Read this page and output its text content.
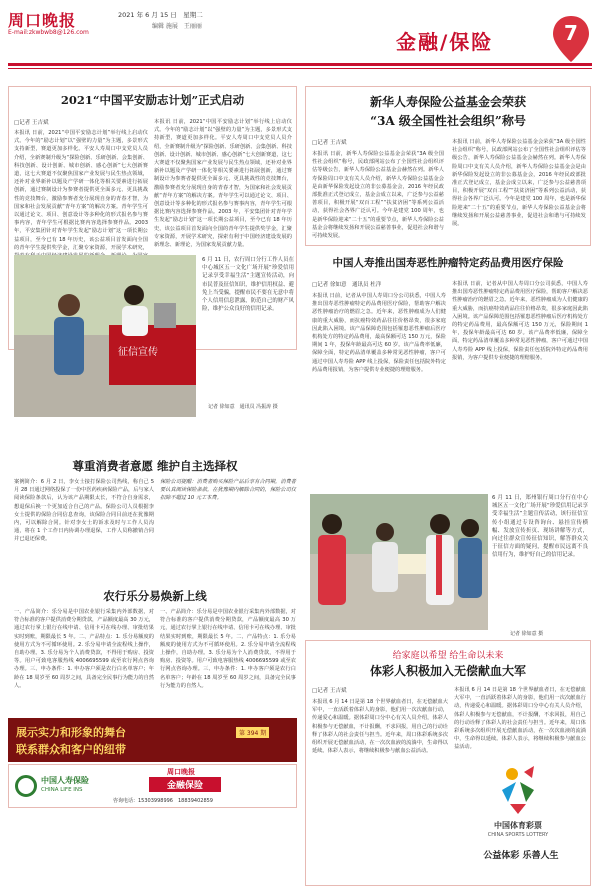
周口晚报
E-mail:zkwbwb8@126.com
2021 年 6 月 15 日　星期二
编辑 施展　王丽丽
金融/保险	7
2021“中国平安励志计划”正式启动
□记者 王吉斌
本报讯 日前，2021“中国平安励志计划”举行线上启动仪式。今年的“励志计划”以“强壁的力量”为主题，多景形式支持新型，赛道更加多样化。平安人寿周口中支党员人员介绍，全新赛制升级为“探险创新、乐研创新、会集创新、科技创新、设计创新、城市创新、感心创新”七大创新赛道，这七大赛道不仅聚焦国家产业发展与民生热点领域，还补对业界新补以题及产学研一体化等相关要素进行拓展创新，通过赛制设计为参赛者提供更全面多元、更具挑战性的竞技舞台，激励参赛者充分展现自身的青春才智，为国家和社会发展贡献“青年方案”的解决方案。青年学生可以通过论文、项目、创意设计等多种化的形式报名参与赛事内容，青年学生可根据比赛内容选择参赛作品。2003 年，平安集团针对青年学生发起“励志计划”这一项长期公益项目，至今已有 18 年历史，该公益项目首发面向全国的青年学生提供奖学金，汇聚专家资源，开展学术研究，
本报讯 日前，2021“中国平安励志计划”举行线上启动仪式。今年的“励志计划”以“强壁的力量”为主题，多景形式支持新型，赛道更加多样化。平安人寿周口中支党员人员介绍，全新赛制升级为“探险创新、乐研创新、会集创新、科技创新、设计创新、城市创新、感心创新”七大创新赛道，这七大赛道不仅聚焦国家产业发展与民生热点领域，还补对业界新补以题及产学研一体化等相关要素进行拓展创新，通过赛制设计为参赛者提供更全面多元、更具挑战性的竞技舞台，激励参赛者充分展现自身的青春才智，为国家和社会发展贡献“青年方案”的解决方案。青年学生可以通过论文、项目、创意设计等多种化的形式报名参与赛事内容，青年学生可根据比赛内容选择参赛作品。2003 年，平安集团针对青年学生发起“励志计划”这一项长期公益项目，至今已有 18 年历史，该公益项目首发面向全国的青年学生提供奖学金，汇聚专家资源，开展学术研究，探索有利于中国经济建设发展的新理念、新理论，为国家发展贡献力量。
征信宣传
6 月 11 日，农行周口分行工作人员在中心城区五一文化广场开展“珍爱信用记录享受幸福生活”主题宣传活动，向市民普及征信知识，维护信用权益、避免上当受骗，提醒市民不要在无意中将个人信用信息泄露，防范自己的财产风险，维护公众良好的信用记录。
记者 徐如意　通讯员 冯振涛 摄
尊重消费者意愿 维护自主选择权
案例简介：6 月 2 日，李女士接打保险公司热线，称自己 5 月 28 日通过网络投保了一份中医药疾病保险产品，后与家人阅读保险条款后，认为该产品期限太长，不符合自身需求，想退保后换一个更加适合自己的产品。保险公司人员根据李女士提供的保险合同信息查询，该保险合同目前还在犹豫期内，可以解除合同。针对李女士的诉求及时与工作人员沟通，将在 1 个工作日内协调办理退保，工作人员称撤销合同并已退还保费。
保险公司提醒：消费者购买保险产品后享有合同期，消费者要认真阅读保险条款，在犹豫期内解除合同的，保险公司仅扣除不超过 10 元工本费。
农行乐分易焕新上线
一、产品简介：乐分易是中国农业银行采集内外部数据，对符合标准的客户提供消费分期贷款，产品额度最高 30 万元，通过农行掌上银行在线申请、信用卡可在线办理、审批结果实时到账，期限最长 5 年。二、产品特点：1. 乐分易额度的使用方式为不可循环使用。2. 乐分易申请全流程线上操作，自助办理。3. 乐分易为个人消费贷款，不得用于购房、投资等。用户可致电客服热线 4006695599 或至农行网点咨询办理。三、申办条件：1. 申办客户须是农行白名单客户；年龄在 18 周岁至 60 周岁之间，具备完全民事行为能力的自然人。
一、产品简介：乐分易是中国农业银行采集内外部数据，对符合标准的客户提供消费分期贷款，产品额度最高 30 万元，通过农行掌上银行在线申请、信用卡可在线办理、审批结果实时到账，期限最长 5 年。二、产品特点：1. 乐分易额度的使用方式为不可循环使用。2. 乐分易申请全流程线上操作，自助办理。3. 乐分易为个人消费贷款，不得用于购房、投资等。用户可致电客服热线 4006695599 或至农行网点咨询办理。三、申办条件：1. 申办客户须是农行白名单客户；年龄在 18 周岁至 60 周岁之间，具备完全民事行为能力的自然人。
展示实力和形象的舞台
联系群众和客户的纽带
第 394 期
中国人寿保险
CHINA LIFE INS
周口晚报
金融保险
咨询电话：15303998996　18839402859
新华人寿保险公益基金会荣获
“3A 级全国性社会组织”称号
□记者 王吉斌
本报讯 日前，新华人寿保险公益基金会荣获“3A 级全国性社会组织”称号，民政部网站公布了全国性社会组织评估等级公告，新华人寿保险公益基金会赫然在列。新华人寿保险周口中支有关人员介绍，新华人寿保险公益基金会是由新华保险发起设立的非公募基金会，2016 年经民政部批准正式登记成立，基金会成立以来，广泛参与公益慈善项目，积极开展“双百工程”“扶贫济困”等系列公益活动，获得社会各界广泛认可。今年是建党 100 周年，也是新华保险迎来“二十五”的重要节点，新华人寿保险公益基金会将继续发扬和开展公益慈善事业，促进社会和谐与可持续发展。
本报讯 日前，新华人寿保险公益基金会荣获“3A 级全国性社会组织”称号，民政部网站公布了全国性社会组织评估等级公告，新华人寿保险公益基金会赫然在列。新华人寿保险周口中支有关人员介绍，新华人寿保险公益基金会是由新华保险发起设立的非公募基金会，2016 年经民政部批准正式登记成立，基金会成立以来，广泛参与公益慈善项目，积极开展“双百工程”“扶贫济困”等系列公益活动，获得社会各界广泛认可。今年是建党 100 周年，也是新华保险迎来“二十五”的重要节点，新华人寿保险公益基金会将继续发扬和开展公益慈善事业，促进社会和谐与可持续发展。
中国人寿推出国寿恶性肿瘤特定药品费用医疗保险
□记者 徐如意　通讯员 杜洋
本报讯 日前，记者从中国人寿周口分公司获悉，中国人寿推出国寿恶性肿瘤特定药品费用医疗保险，帮助客户解决恶性肿瘤治疗的燃眉之急。近年来，恶性肿瘤成为人们健康的重大威胁，而抗癌特效药品往往价格昂贵，很多家庭因此陷入困境。该产品保障范围包括罹患恶性肿瘤后医疗机构处方的特定药品费用，最高保额可达 150 万元，保险期间 1 年，投保年龄最高可达 60 岁。该产品费率低廉，保障全面，特定药品清单覆盖多种常见恶性肿瘤，客户可通过中国人寿寿险 APP 线上投保，保险责任包括院外特定药品费用报销，为客户提供专业便捷的理赔服务。
本报讯 日前，记者从中国人寿周口分公司获悉，中国人寿推出国寿恶性肿瘤特定药品费用医疗保险，帮助客户解决恶性肿瘤治疗的燃眉之急。近年来，恶性肿瘤成为人们健康的重大威胁，而抗癌特效药品往往价格昂贵，很多家庭因此陷入困境。该产品保障范围包括罹患恶性肿瘤后医疗机构处方的特定药品费用，最高保额可达 150 万元，保险期间 1 年，投保年龄最高可达 60 岁。该产品费率低廉，保障全面，特定药品清单覆盖多种常见恶性肿瘤，客户可通过中国人寿寿险 APP 线上投保，保险责任包括院外特定药品费用报销，为客户提供专业便捷的理赔服务。
6 月 11 日，郑州银行周口分行在中心城区五一文化广场开展“珍爱信用记录享受幸福生活”主题宣传活动，该行征信宣传小组通过专设咨询台、悬挂宣传横幅、发放宣传折页、现场讲解等方式，向过往群众宣传征信知识，解答群众关于征信方面的疑问，提醒市民远离不良信用行为，维护好自己的信用记录。
记者 徐如意 摄
给家庭以希望 给生命以未来
体彩人积极加入无偿献血大军
□记者 王吉斌
本报讯 6 月 14 日是第 18 个世界献血者日，在无偿献血大军中，一直活跃着体彩人的身影，他们用一次次献血行动，传递爱心和温暖。据体彩周口分中心有关人员介绍，体彩人积极参与无偿献血，不计报酬，不求回报，用自己的行动诠释了体彩人的社会责任与担当。近年来，周口体彩系统多次组织开展无偿献血活动，在一次次血液的流淌中，生命得以延续。体彩人表示，将继续积极参与献血公益活动。
本报讯 6 月 14 日是第 18 个世界献血者日，在无偿献血大军中，一直活跃着体彩人的身影，他们用一次次献血行动，传递爱心和温暖。据体彩周口分中心有关人员介绍，体彩人积极参与无偿献血，不计报酬，不求回报，用自己的行动诠释了体彩人的社会责任与担当。近年来，周口体彩系统多次组织开展无偿献血活动，在一次次血液的流淌中，生命得以延续。体彩人表示，将继续积极参与献血公益活动。
中国体育彩票
CHINA SPORTS LOTTERY
公益体彩 乐善人生
